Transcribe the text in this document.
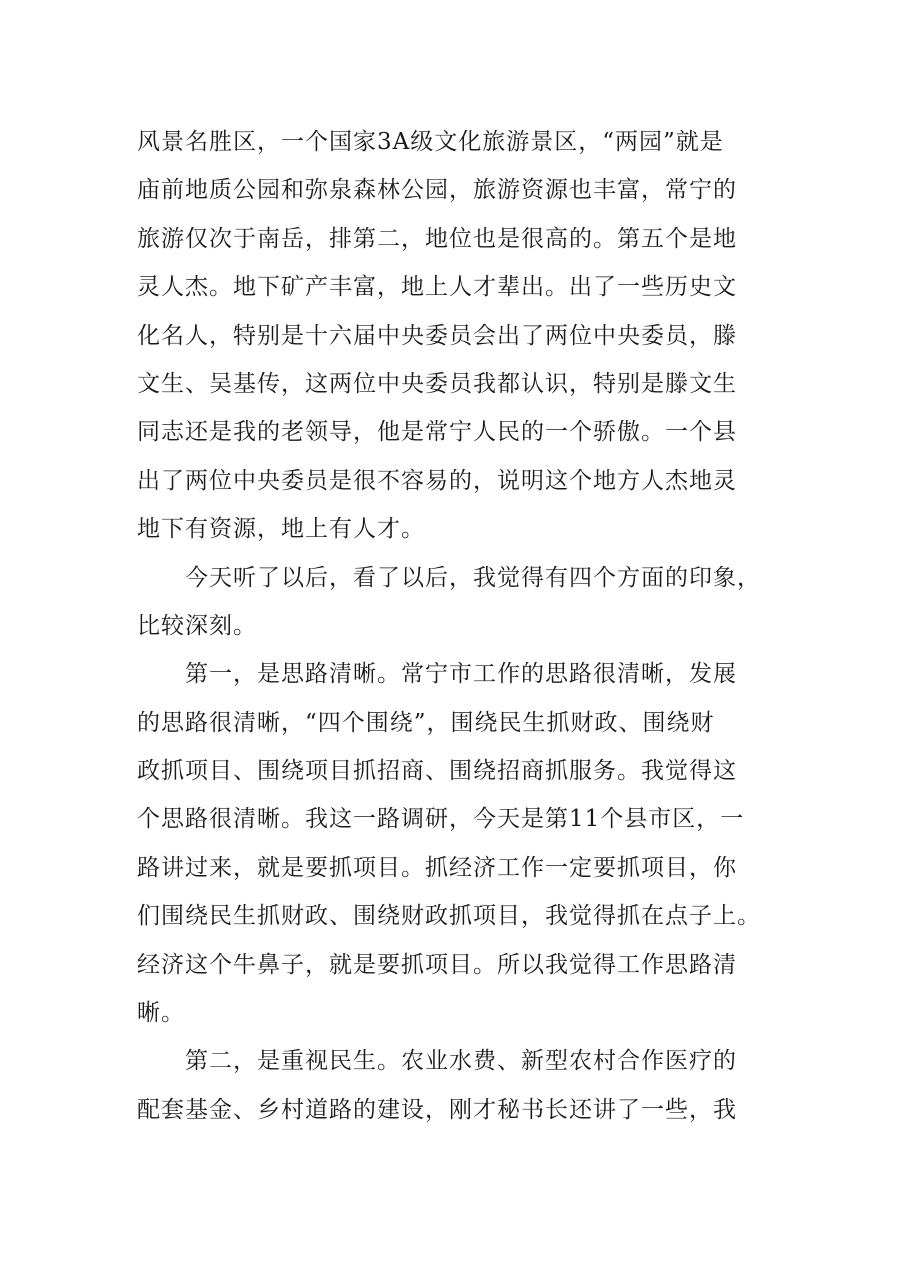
风景名胜区，一个国家3A级文化旅游景区，“两园”就是
庙前地质公园和弥泉森林公园，旅游资源也丰富，常宁的
旅游仅次于南岳，排第二，地位也是很高的。第五个是地
灵人杰。地下矿产丰富，地上人才辈出。出了一些历史文
化名人，特别是十六届中央委员会出了两位中央委员，滕
文生、吴基传，这两位中央委员我都认识，特别是滕文生
同志还是我的老领导，他是常宁人民的一个骄傲。一个县
出了两位中央委员是很不容易的，说明这个地方人杰地灵
地下有资源，地上有人才。
今天听了以后，看了以后，我觉得有四个方面的印象，
比较深刻。
第一，是思路清晰。常宁市工作的思路很清晰，发展
的思路很清晰，“四个围绕”，围绕民生抓财政、围绕财
政抓项目、围绕项目抓招商、围绕招商抓服务。我觉得这
个思路很清晰。我这一路调研，今天是第11个县市区，一
路讲过来，就是要抓项目。抓经济工作一定要抓项目，你
们围绕民生抓财政、围绕财政抓项目，我觉得抓在点子上。
经济这个牛鼻子，就是要抓项目。所以我觉得工作思路清
晰。
第二，是重视民生。农业水费、新型农村合作医疗的
配套基金、乡村道路的建设，刚才秘书长还讲了一些，我
